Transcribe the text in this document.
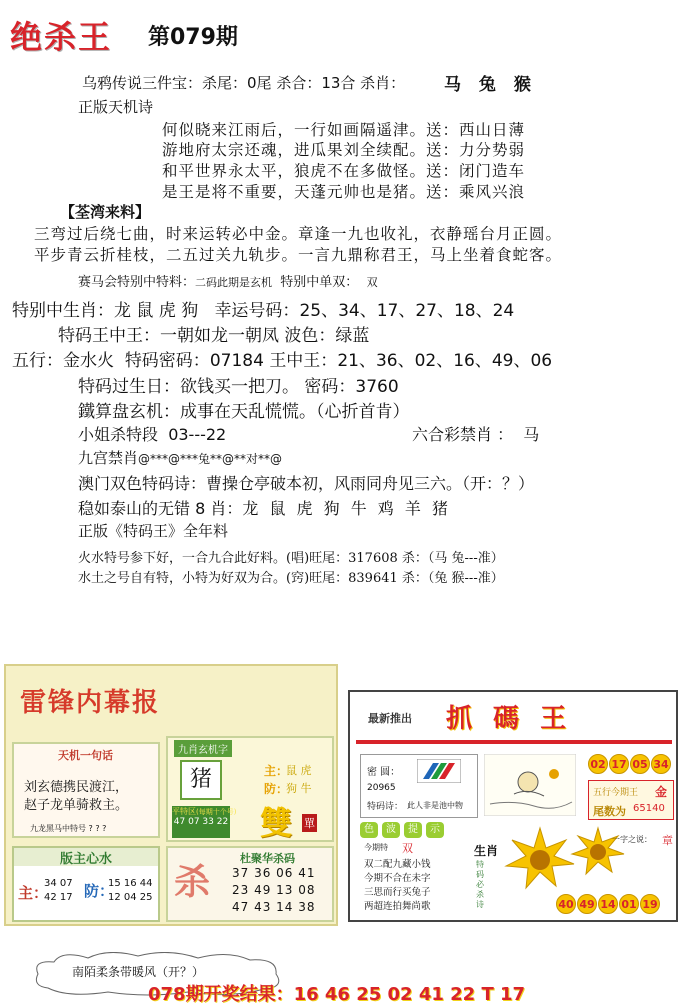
绝杀王 第079期
乌鸦传说三件宝：杀尾：0尾 杀合：13合 杀肖： 马 兔 猴
正版天机诗
何似晓来江雨后，一行如画隔遥津。送：西山日薄
游地府太宗还魂，进瓜果刘全续配。送：力分势弱
和平世界永太平，狼虎不在多做怪。送：闭门造车
是王是将不重要，天蓬元帅也是猪。送：乘风兴浪
【荃湾来料】
三弯过后绕七曲，时来运转必中金。章逢一九也收礼，衣静瑶台月正圆。
平步青云折桂枝，二五过关九轨步。一言九鼎称君王，马上坐着食蛇客。
赛马会特别中特料：二码此期是玄机 特别中单双： 双
特别中生肖：龙 鼠 虎 狗 幸运号码：25、34、17、27、18、24
特码王中王：一朝如龙一朝凤 波色：绿蓝
五行：金水火 特码密码：07184 王中王：21、36、02、16、49、06
特码过生日：欲钱买一把刀。 密码：3760
鐵算盘玄机：成事在天乱慌慌。（心折首肯）
小姐杀特段 03---22	六合彩禁肖 ： 马
九宫禁肖@***@***兔**@**对**@
澳门双色特码诗：曹操仓亭破本初，风雨同舟见三六。（开：？）
稳如泰山的无错 8 肖：龙 鼠 虎 狗 牛 鸡 羊 猪
正版《特码王》全年料
火水特号参下好，一合九合此好料。(唱)旺尾：317608 杀：（马 兔---准）
水土之号自有特，小特为好双为合。(窍)旺尾：839641 杀：（兔 猴---准）
雷锋内幕报
天机一句话
刘玄德携民渡江，
赵子龙单骑救主。
九龙黑马中特号 ? ? ?
九肖玄机字
猪
平特区(每期十个号)
47 07 33 22
主：
鼠 虎
防：
狗 牛
雙 單
版主心水
主：
34 07
42 17 防：
15 16 44
12 04 25 杀
杜聚华杀码
37 36 06 41
23 49 13 08
47 43 14 38
最新推出 抓 碼 王
密 圆：
20965
特码诗： 此人非是池中物
02 17 05 34
五行今期王 金
尾数为 65140
色	波	提	示
今期特 双
双二配九藏小钱
今期不合在未字
三思而行买兔子
两超连拍舞尚歌
生肖
特码必杀诗
一字之说： 章
40 49 14 01 19
南陌柔条带暖风（开？）
078期开奖结果：16 46 25 02 41 22 T 17
